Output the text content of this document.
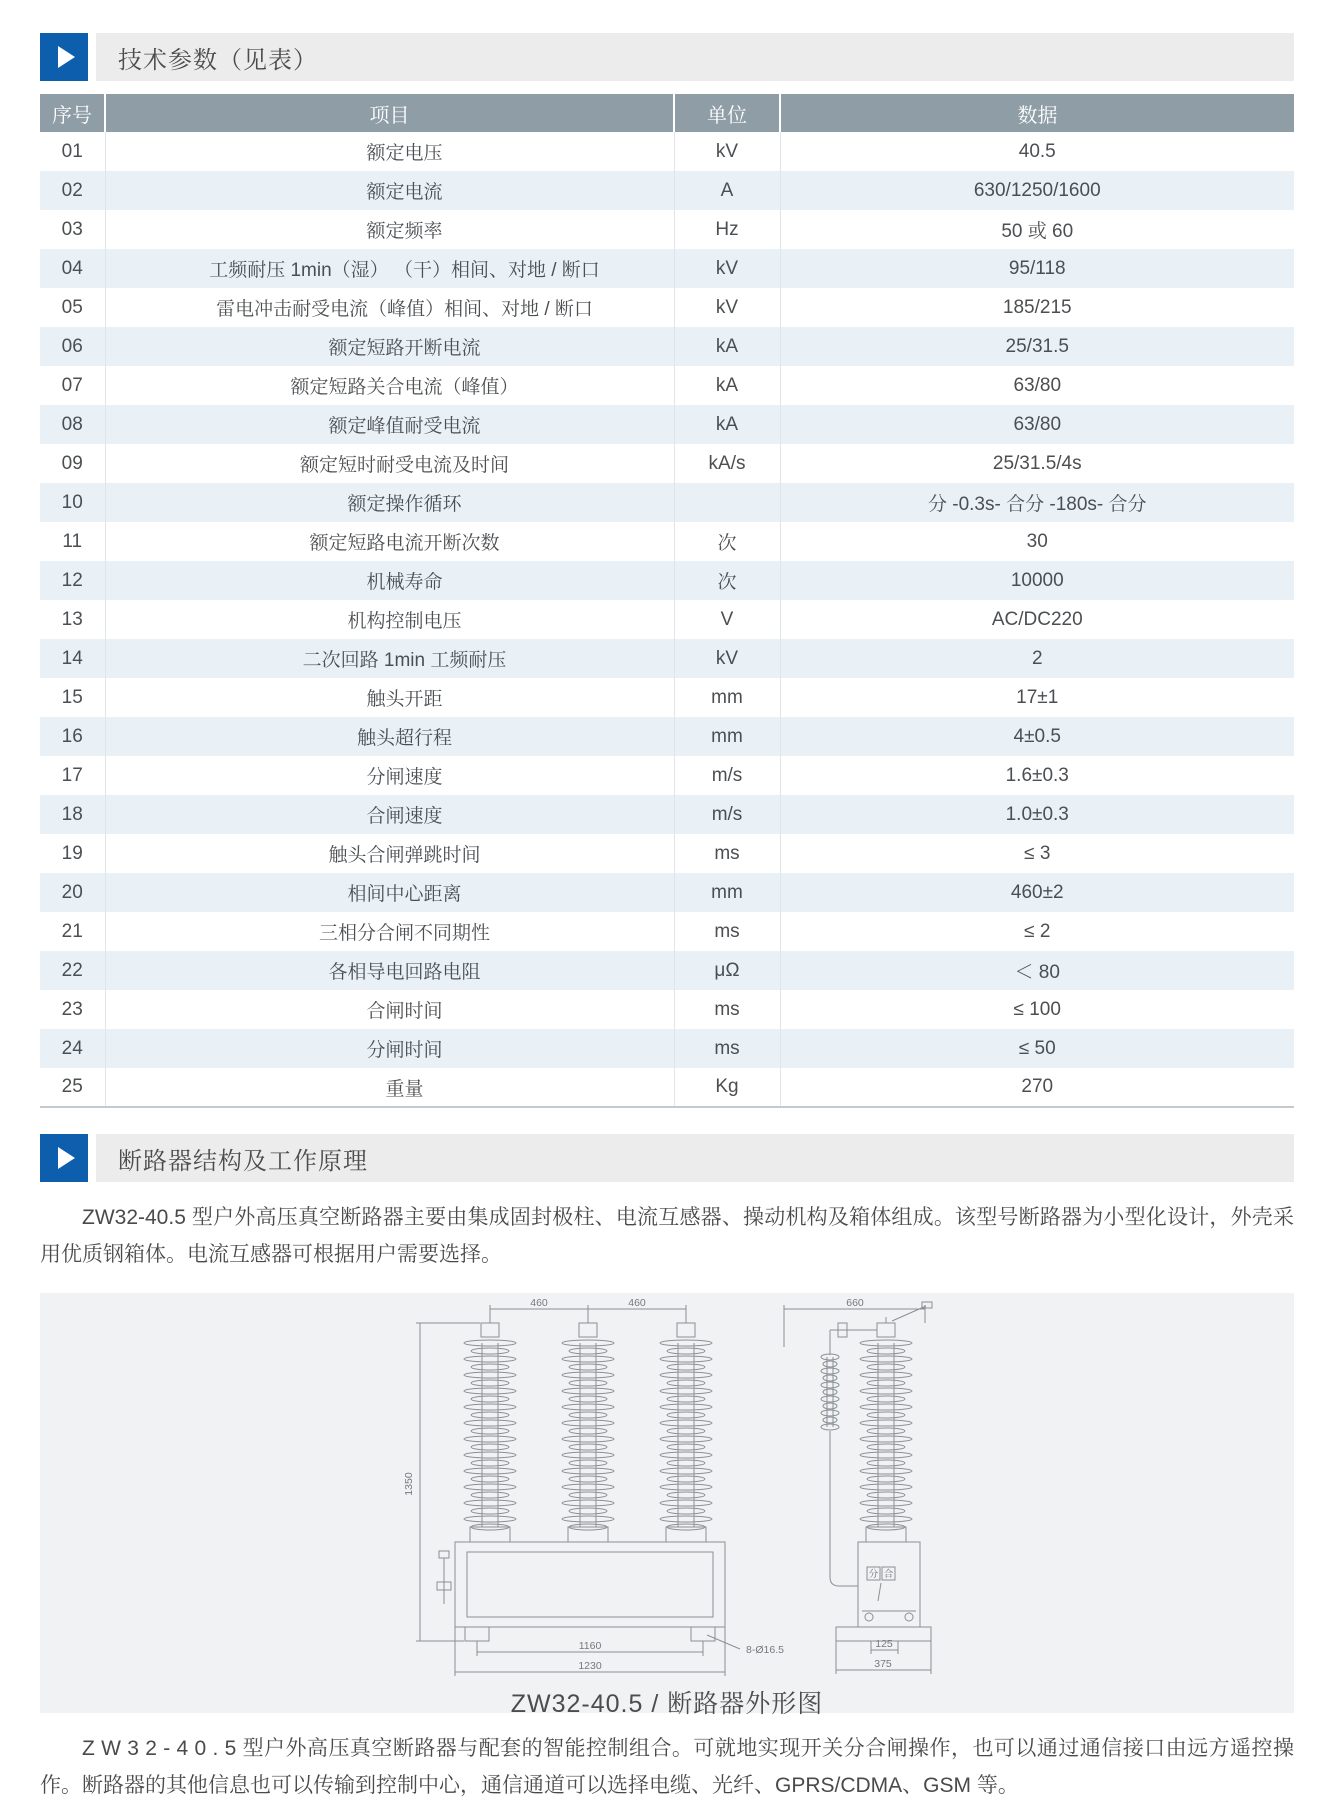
技术参数（见表）
序号	项目	单位	数据
01	额定电压	kV	40.5
02	额定电流	A	630/1250/1600
03	额定频率	Hz	50 或 60
04	工频耐压 1min（湿） （干）相间、对地 / 断口	kV	95/118
05	雷电冲击耐受电流（峰值）相间、对地 / 断口	kV	185/215
06	额定短路开断电流	kA	25/31.5
07	额定短路关合电流（峰值）	kA	63/80
08	额定峰值耐受电流	kA	63/80
09	额定短时耐受电流及时间	kA/s	25/31.5/4s
10	额定操作循环		分 -0.3s- 合分 -180s- 合分
11	额定短路电流开断次数	次	30
12	机械寿命	次	10000
13	机构控制电压	V	AC/DC220
14	二次回路 1min 工频耐压	kV	2
15	触头开距	mm	17±1
16	触头超行程	mm	4±0.5
17	分闸速度	m/s	1.6±0.3
18	合闸速度	m/s	1.0±0.3
19	触头合闸弹跳时间	ms	≤ 3
20	相间中心距离	mm	460±2
21	三相分合闸不同期性	ms	≤ 2
22	各相导电回路电阻	μΩ	＜ 80
23	合闸时间	ms	≤ 100
24	分闸时间	ms	≤ 50
25	重量	Kg	270
断路器结构及工作原理

ZW32-40.5 型户外高压真空断路器主要由集成固封极柱、电流互感器、操动机构及箱体组成。该型号断路器为小型化设计，外壳采用优质钢箱体。电流互感器可根据用户需要选择。

460	460
1350
1160
1230
8-Ø16.5
660
分 合
125
375
ZW32-40.5 / 断路器外形图

Z W 3 2 - 4 0 . 5 型户外高压真空断路器与配套的智能控制组合。可就地实现开关分合闸操作，也可以通过通信接口由远方遥控操作。断路器的其他信息也可以传输到控制中心，通信通道可以选择电缆、光纤、GPRS/CDMA、GSM 等。
